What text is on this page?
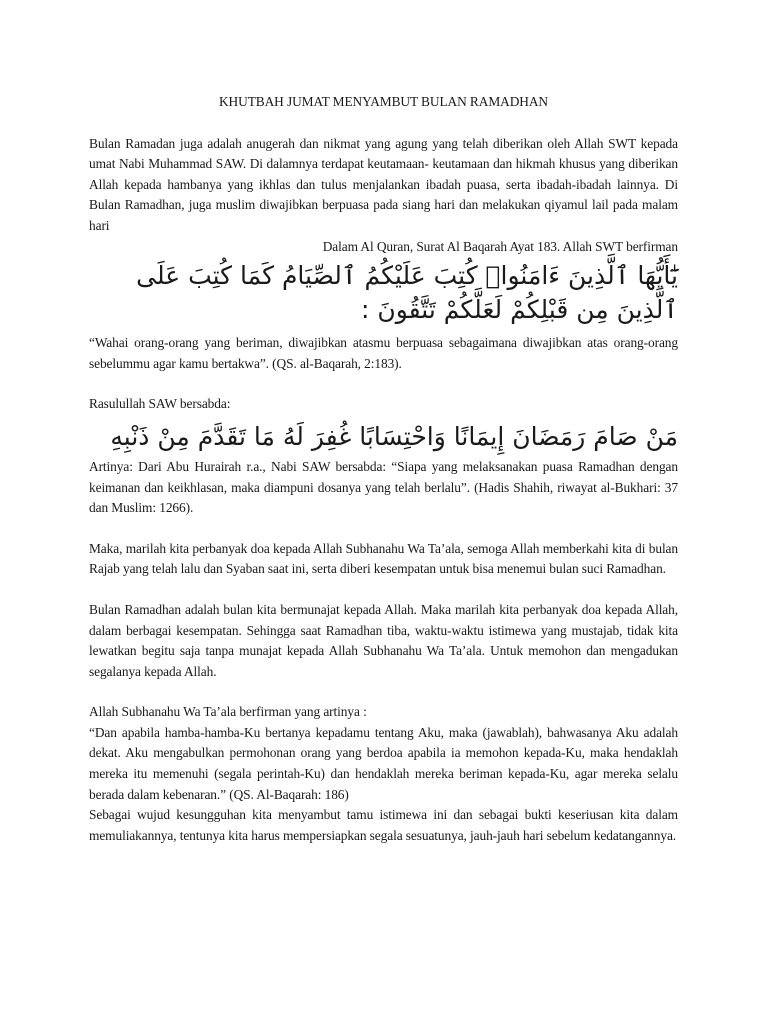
KHUTBAH JUMAT MENYAMBUT BULAN RAMADHAN

Bulan Ramadan juga adalah anugerah dan nikmat yang agung yang telah diberikan oleh Allah SWT kepada umat Nabi Muhammad SAW. Di dalamnya terdapat keutamaan- keutamaan dan hikmah khusus yang diberikan Allah kepada hambanya yang ikhlas dan tulus menjalankan ibadah puasa, serta ibadah-ibadah lainnya. Di Bulan Ramadhan, juga muslim diwajibkan berpuasa pada siang hari dan melakukan qiyamul lail pada malam hari

Dalam Al Quran, Surat Al Baqarah Ayat 183. Allah SWT berfirman

يَٰٓأَيُّهَا ٱلَّذِينَ ءَامَنُوا۟ كُتِبَ عَلَيْكُمُ ٱلصِّيَامُ كَمَا كُتِبَ عَلَى ٱلَّذِينَ مِن قَبْلِكُمْ لَعَلَّكُمْ تَتَّقُونَ :

“Wahai orang-orang yang beriman, diwajibkan atasmu berpuasa sebagaimana diwajibkan atas orang-orang sebelummu agar kamu bertakwa”. (QS. al-Baqarah, 2:183).

Rasulullah SAW bersabda:

مَنْ صَامَ رَمَضَانَ إِيمَانًا وَاحْتِسَابًا غُفِرَ لَهُ مَا تَقَدَّمَ مِنْ ذَنْبِهِ

Artinya: Dari Abu Hurairah r.a., Nabi SAW bersabda: “Siapa yang melaksanakan puasa Ramadhan dengan keimanan dan keikhlasan, maka diampuni dosanya yang telah berlalu”. (Hadis Shahih, riwayat al-Bukhari: 37 dan Muslim: 1266).

Maka, marilah kita perbanyak doa kepada Allah Subhanahu Wa Ta’ala, semoga Allah memberkahi kita di bulan Rajab yang telah lalu dan Syaban saat ini, serta diberi kesempatan untuk bisa menemui bulan suci Ramadhan.

Bulan Ramadhan adalah bulan kita bermunajat kepada Allah. Maka marilah kita perbanyak doa kepada Allah, dalam berbagai kesempatan. Sehingga saat Ramadhan tiba, waktu-waktu istimewa yang mustajab, tidak kita lewatkan begitu saja tanpa munajat kepada Allah Subhanahu Wa Ta’ala. Untuk memohon dan mengadukan segalanya kepada Allah.

Allah Subhanahu Wa Ta’ala berfirman yang artinya :

“Dan apabila hamba-hamba-Ku bertanya kepadamu tentang Aku, maka (jawablah), bahwasanya Aku adalah dekat. Aku mengabulkan permohonan orang yang berdoa apabila ia memohon kepada-Ku, maka hendaklah mereka itu memenuhi (segala perintah-Ku) dan hendaklah mereka beriman kepada-Ku, agar mereka selalu berada dalam kebenaran.” (QS. Al-Baqarah: 186)

Sebagai wujud kesungguhan kita menyambut tamu istimewa ini dan sebagai bukti keseriusan kita dalam memuliakannya, tentunya kita harus mempersiapkan segala sesuatunya, jauh-jauh hari sebelum kedatangannya.
